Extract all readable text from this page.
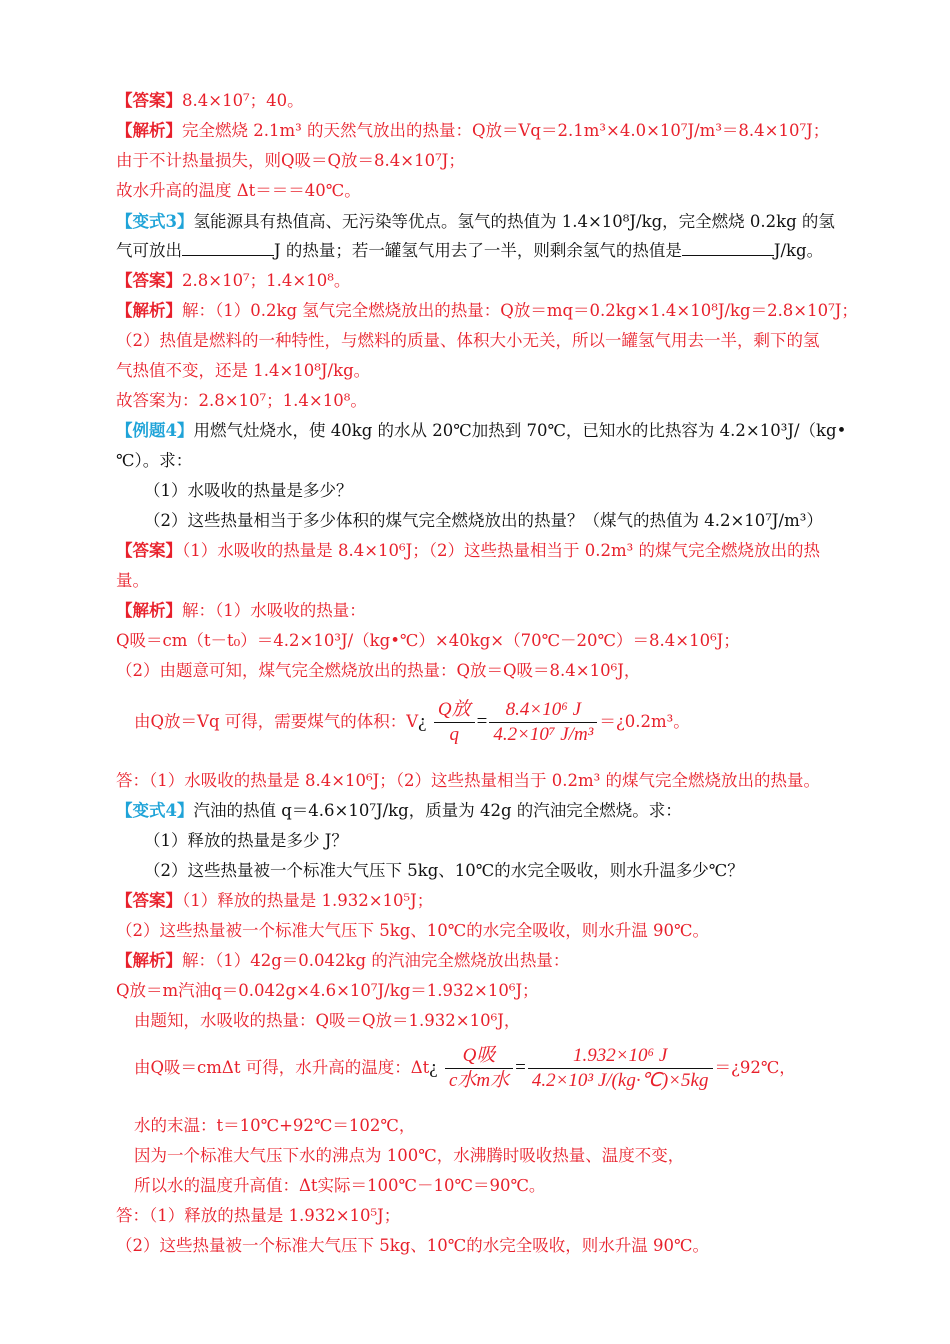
【答案】8.4×10⁷；40。
【解析】完全燃烧 2.1m³ 的天然气放出的热量：Q放＝Vq＝2.1m³×4.0×10⁷J/m³＝8.4×10⁷J；
由于不计热量损失，则Q吸＝Q放＝8.4×10⁷J；
故水升高的温度 Δt＝＝＝40℃。
【变式3】氢能源具有热值高、无污染等优点。氢气的热值为 1.4×10⁸J/kg，完全燃烧 0.2kg 的氢
气可放出	J 的热量；若一罐氢气用去了一半，则剩余氢气的热值是	J/kg。
【答案】2.8×10⁷；1.4×10⁸。
【解析】解：（1）0.2kg 氢气完全燃烧放出的热量：Q放＝mq＝0.2kg×1.4×10⁸J/kg＝2.8×10⁷J；
（2）热值是燃料的一种特性，与燃料的质量、体积大小无关，所以一罐氢气用去一半，剩下的氢
气热值不变，还是 1.4×10⁸J/kg。
故答案为：2.8×10⁷；1.4×10⁸。
【例题4】用燃气灶烧水，使 40kg 的水从 20℃加热到 70℃，已知水的比热容为 4.2×10³J/（kg•
℃）。求：
（1）水吸收的热量是多少？
（2）这些热量相当于多少体积的煤气完全燃烧放出的热量？（煤气的热值为 4.2×10⁷J/m³）
【答案】（1）水吸收的热量是 8.4×10⁶J；（2）这些热量相当于 0.2m³ 的煤气完全燃烧放出的热
量。
【解析】解：（1）水吸收的热量：
Q吸＝cm（t－t₀）＝4.2×10³J/（kg•℃）×40kg×（70℃－20℃）＝8.4×10⁶J；
（2）由题意可知，煤气完全燃烧放出的热量：Q放＝Q吸＝8.4×10⁶J，
由Q放＝Vq 可得，需要煤气的体积：V¿ $\frac{\text{Q放}}{q} = \frac{\text{8.4×10⁶ J}}{\text{4.2×10⁷ J/m³}}$ ＝¿0.2m³。
答：（1）水吸收的热量是 8.4×10⁶J；（2）这些热量相当于 0.2m³ 的煤气完全燃烧放出的热量。
【变式4】汽油的热值 q＝4.6×10⁷J/kg，质量为 42g 的汽油完全燃烧。求：
（1）释放的热量是多少 J？
（2）这些热量被一个标准大气压下 5kg、10℃的水完全吸收，则水升温多少℃？
【答案】（1）释放的热量是 1.932×10⁵J；
（2）这些热量被一个标准大气压下 5kg、10℃的水完全吸收，则水升温 90℃。
【解析】解：（1）42g＝0.042kg 的汽油完全燃烧放出热量：
Q放＝m汽油q＝0.042g×4.6×10⁷J/kg＝1.932×10⁶J；
由题知，水吸收的热量：Q吸＝Q放＝1.932×10⁶J，
由Q吸＝cmΔt 可得，水升高的温度：Δt¿ $\frac{\text{Q吸}}{\text{c水m水}} = \frac{\text{1.932×10⁶ J}}{\text{4.2×10³ J/(kg·℃)×5kg}}$ ＝¿92℃，
水的末温：t＝10℃+92℃＝102℃，
因为一个标准大气压下水的沸点为 100℃，水沸腾时吸收热量、温度不变，
所以水的温度升高值：Δt实际＝100℃－10℃＝90℃。
答：（1）释放的热量是 1.932×10⁵J；
（2）这些热量被一个标准大气压下 5kg、10℃的水完全吸收，则水升温 90℃。
